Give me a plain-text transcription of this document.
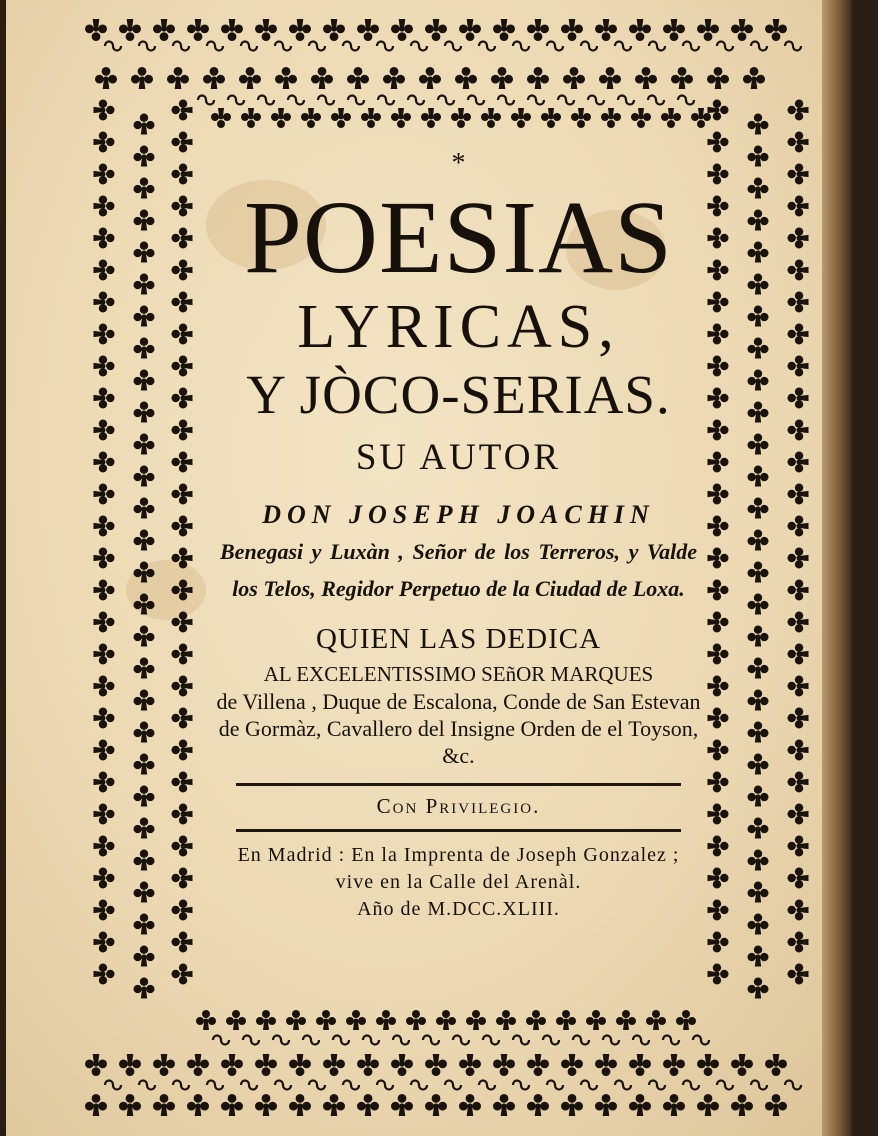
*
POESIAS
LYRICAS,
Y JÒCO-SERIAS.
SU AUTOR
DON JOSEPH JOACHIN
Benegasi y Luxàn , Señor de los Terreros, y Valde los Telos, Regidor Perpetuo de la Ciudad de Loxa.
QUIEN LAS DEDICA
AL EXCELENTISSIMO SEñOR MARQUES
de Villena , Duque de Escalona, Conde de San Estevan de Gormàz, Cavallero del Insigne Orden de el Toyson, &c.
Con Privilegio.
En Madrid : En la Imprenta de Joseph Gonzalez ; vive en la Calle del Arenàl.
Año de M.DCC.XLIII.
